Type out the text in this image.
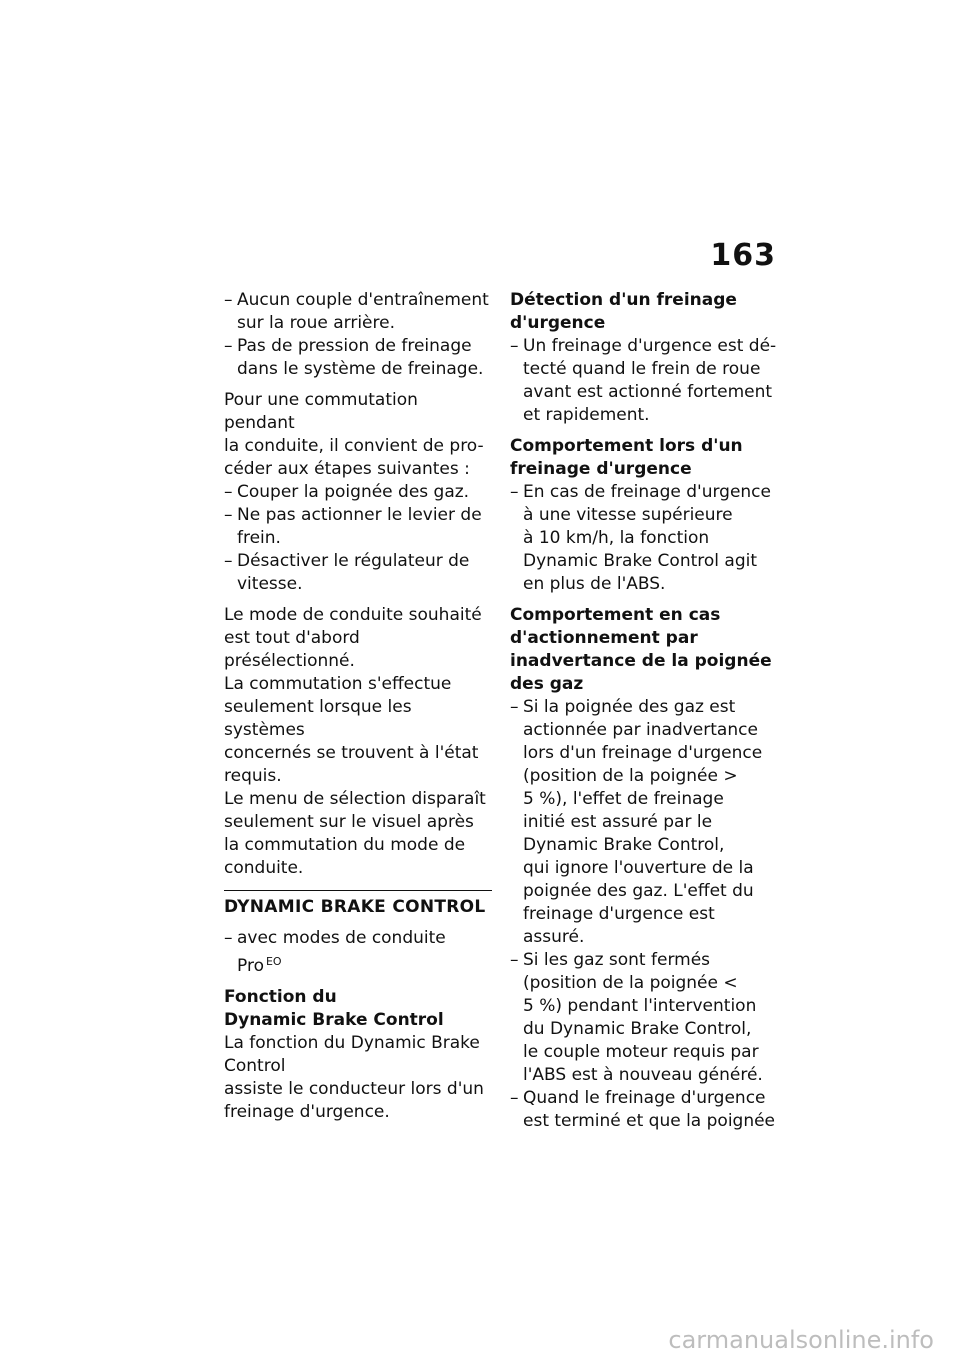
163
– Aucun couple d'entraînement
sur la roue arrière.
– Pas de pression de freinage
dans le système de freinage.
Pour une commutation pendant
la conduite, il convient de pro-
céder aux étapes suivantes :
– Couper la poignée des gaz.
– Ne pas actionner le levier de
frein.
– Désactiver le régulateur de
vitesse.
Le mode de conduite souhaité
est tout d'abord présélectionné.
La commutation s'effectue
seulement lorsque les systèmes
concernés se trouvent à l'état
requis.
Le menu de sélection disparaît
seulement sur le visuel après
la commutation du mode de
conduite.
DYNAMIC BRAKE CONTROL
– avec modes de conduite
Pro $^{EO}$
Fonction du
Dynamic Brake Control
La fonction du Dynamic Brake Control
assiste le conducteur lors d'un
freinage d'urgence.
Détection d'un freinage
d'urgence
– Un freinage d'urgence est dé-
tecté quand le frein de roue
avant est actionné fortement
et rapidement.
Comportement lors d'un
freinage d'urgence
– En cas de freinage d'urgence
à une vitesse supérieure
à 10 km/h, la fonction
Dynamic Brake Control agit
en plus de l'ABS.
Comportement en cas
d'actionnement par
inadvertance de la poignée
des gaz
– Si la poignée des gaz est
actionnée par inadvertance
lors d'un freinage d'urgence
(position de la poignée >
5 %), l'effet de freinage
initié est assuré par le
Dynamic Brake Control,
qui ignore l'ouverture de la
poignée des gaz. L'effet du
freinage d'urgence est assuré.
– Si les gaz sont fermés
(position de la poignée <
5 %) pendant l'intervention
du Dynamic Brake Control,
le couple moteur requis par
l'ABS est à nouveau généré.
– Quand le freinage d'urgence
est terminé et que la poignée
carmanualsonline.info
